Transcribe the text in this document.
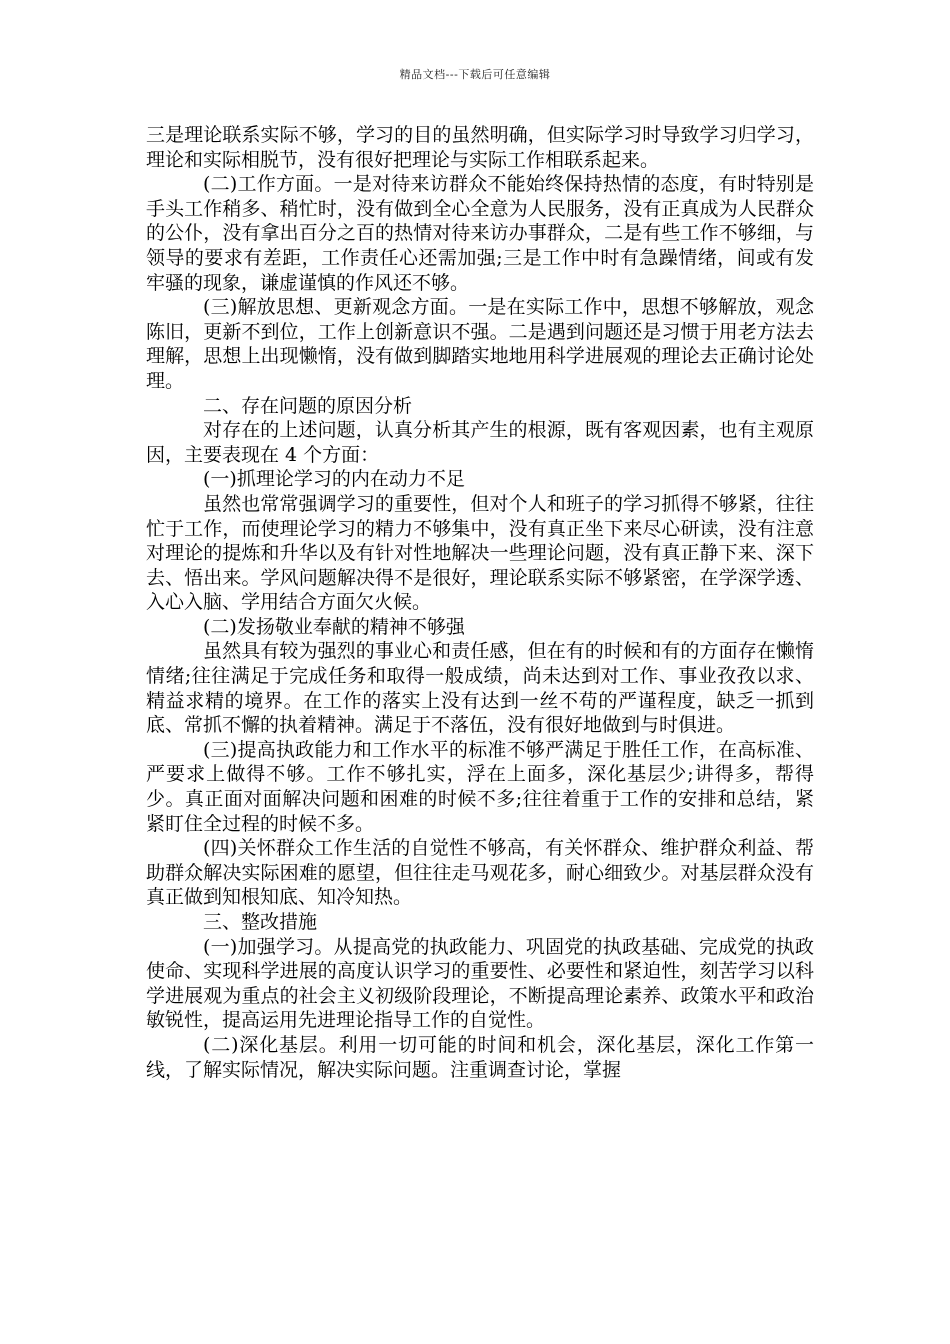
精品文档---下载后可任意编辑

三是理论联系实际不够，学习的目的虽然明确，但实际学习时导致学习归学习，理论和实际相脱节，没有很好把理论与实际工作相联系起来。

(二)工作方面。一是对待来访群众不能始终保持热情的态度，有时特别是手头工作稍多、稍忙时，没有做到全心全意为人民服务，没有正真成为人民群众的公仆，没有拿出百分之百的热情对待来访办事群众，二是有些工作不够细，与领导的要求有差距，工作责任心还需加强;三是工作中时有急躁情绪，间或有发牢骚的现象，谦虚谨慎的作风还不够。

(三)解放思想、更新观念方面。一是在实际工作中，思想不够解放，观念陈旧，更新不到位，工作上创新意识不强。二是遇到问题还是习惯于用老方法去理解，思想上出现懒惰，没有做到脚踏实地地用科学进展观的理论去正确讨论处理。

二、存在问题的原因分析

对存在的上述问题，认真分析其产生的根源，既有客观因素，也有主观原因，主要表现在 4 个方面：

(一)抓理论学习的内在动力不足

虽然也常常强调学习的重要性，但对个人和班子的学习抓得不够紧，往往忙于工作，而使理论学习的精力不够集中，没有真正坐下来尽心研读，没有注意对理论的提炼和升华以及有针对性地解决一些理论问题，没有真正静下来、深下去、悟出来。学风问题解决得不是很好，理论联系实际不够紧密，在学深学透、入心入脑、学用结合方面欠火候。

(二)发扬敬业奉献的精神不够强

虽然具有较为强烈的事业心和责任感，但在有的时候和有的方面存在懒惰情绪;往往满足于完成任务和取得一般成绩，尚未达到对工作、事业孜孜以求、精益求精的境界。在工作的落实上没有达到一丝不苟的严谨程度，缺乏一抓到底、常抓不懈的执着精神。满足于不落伍，没有很好地做到与时俱进。

(三)提高执政能力和工作水平的标准不够严满足于胜任工作，在高标准、严要求上做得不够。工作不够扎实，浮在上面多，深化基层少;讲得多，帮得少。真正面对面解决问题和困难的时候不多;往往着重于工作的安排和总结，紧紧盯住全过程的时候不多。

(四)关怀群众工作生活的自觉性不够高，有关怀群众、维护群众利益、帮助群众解决实际困难的愿望，但往往走马观花多，耐心细致少。对基层群众没有真正做到知根知底、知冷知热。

三、整改措施

(一)加强学习。从提高党的执政能力、巩固党的执政基础、完成党的执政使命、实现科学进展的高度认识学习的重要性、必要性和紧迫性，刻苦学习以科学进展观为重点的社会主义初级阶段理论，不断提高理论素养、政策水平和政治敏锐性，提高运用先进理论指导工作的自觉性。

(二)深化基层。利用一切可能的时间和机会，深化基层，深化工作第一线，了解实际情况，解决实际问题。注重调查讨论，掌握
